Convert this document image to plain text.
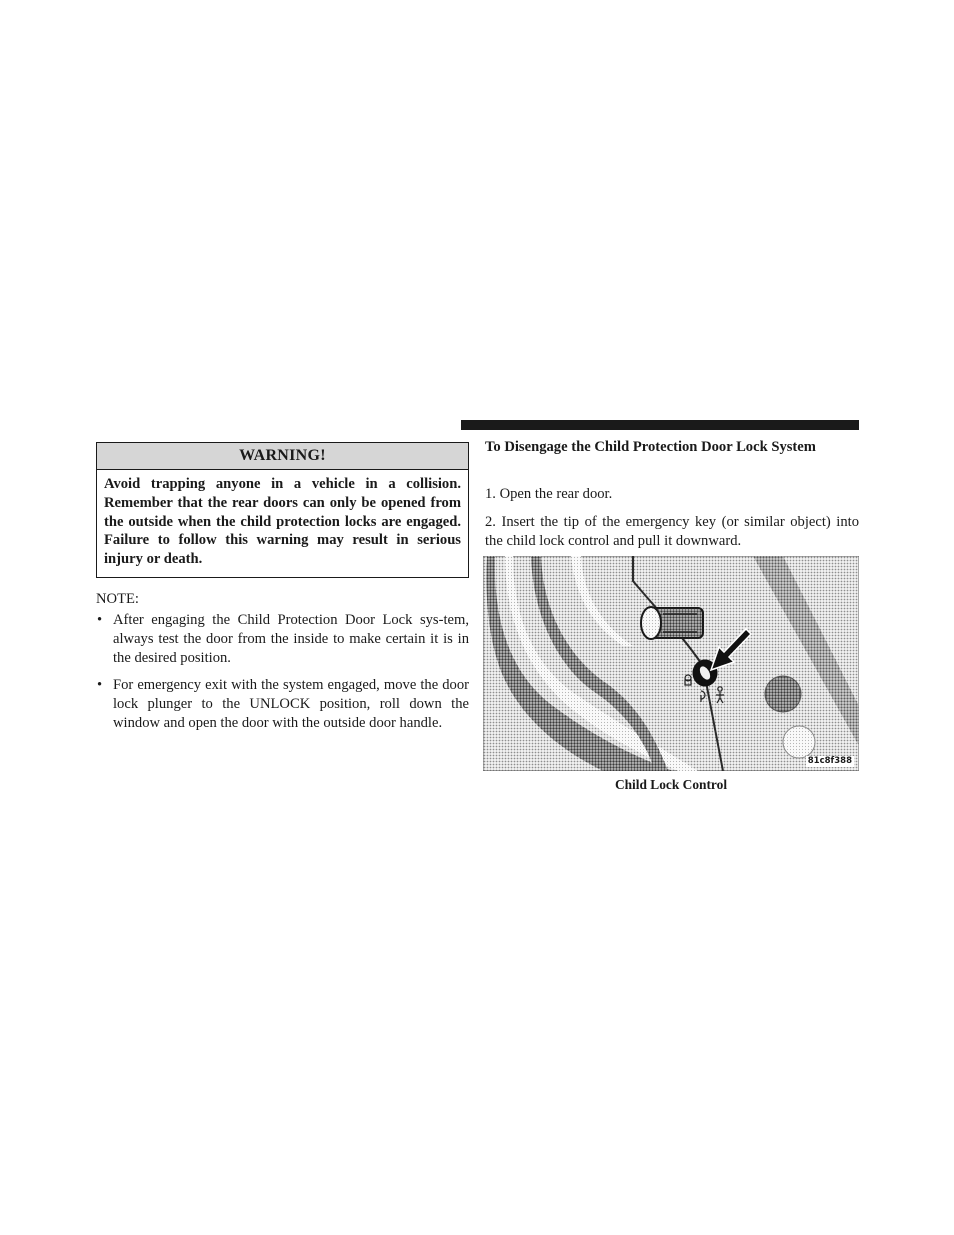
WARNING!
Avoid trapping anyone in a vehicle in a collision. Remember that the rear doors can only be opened from the outside when the child protection locks are engaged. Failure to follow this warning may result in serious injury or death.
NOTE:
• After engaging the Child Protection Door Lock sys-tem, always test the door from the inside to make certain it is in the desired position.
• For emergency exit with the system engaged, move the door lock plunger to the UNLOCK position, roll down the window and open the door with the outside door handle.
To Disengage the Child Protection Door Lock System
1. Open the rear door.
2. Insert the tip of the emergency key (or similar object) into the child lock control and pull it downward.
81c8f388
Child Lock Control
